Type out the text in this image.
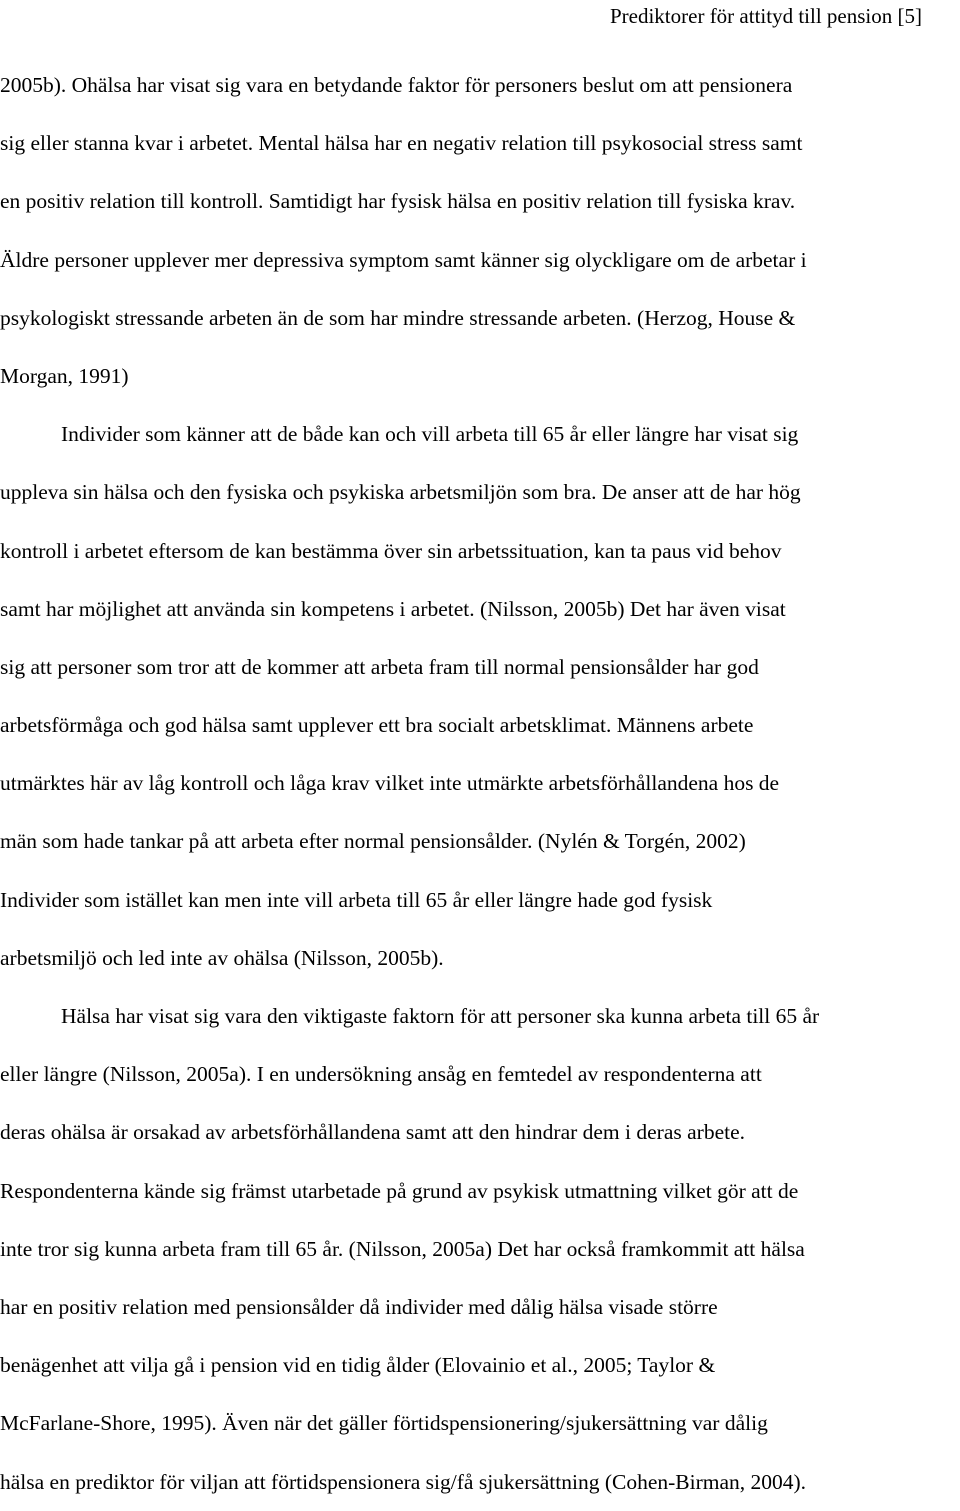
Prediktorer för attityd till pension [5]
2005b). Ohälsa har visat sig vara en betydande faktor för personers beslut om att pensionera
sig eller stanna kvar i arbetet. Mental hälsa har en negativ relation till psykosocial stress samt
en positiv relation till kontroll. Samtidigt har fysisk hälsa en positiv relation till fysiska krav.
Äldre personer upplever mer depressiva symptom samt känner sig olyckligare om de arbetar i
psykologiskt stressande arbeten än de som har mindre stressande arbeten. (Herzog, House &
Morgan, 1991)
Individer som känner att de både kan och vill arbeta till 65 år eller längre har visat sig
uppleva sin hälsa och den fysiska och psykiska arbetsmiljön som bra. De anser att de har hög
kontroll i arbetet eftersom de kan bestämma över sin arbetssituation, kan ta paus vid behov
samt har möjlighet att använda sin kompetens i arbetet. (Nilsson, 2005b) Det har även visat
sig att personer som tror att de kommer att arbeta fram till normal pensionsålder har god
arbetsförmåga och god hälsa samt upplever ett bra socialt arbetsklimat. Männens arbete
utmärktes här av låg kontroll och låga krav vilket inte utmärkte arbetsförhållandena hos de
män som hade tankar på att arbeta efter normal pensionsålder. (Nylén & Torgén, 2002)
Individer som istället kan men inte vill arbeta till 65 år eller längre hade god fysisk
arbetsmiljö och led inte av ohälsa (Nilsson, 2005b).
Hälsa har visat sig vara den viktigaste faktorn för att personer ska kunna arbeta till 65 år
eller längre (Nilsson, 2005a). I en undersökning ansåg en femtedel av respondenterna att
deras ohälsa är orsakad av arbetsförhållandena samt att den hindrar dem i deras arbete.
Respondenterna kände sig främst utarbetade på grund av psykisk utmattning vilket gör att de
inte tror sig kunna arbeta fram till 65 år. (Nilsson, 2005a) Det har också framkommit att hälsa
har en positiv relation med pensionsålder då individer med dålig hälsa visade större
benägenhet att vilja gå i pension vid en tidig ålder (Elovainio et al., 2005; Taylor &
McFarlane-Shore, 1995). Även när det gäller förtidspensionering/sjukersättning var dålig
hälsa en prediktor för viljan att förtidspensionera sig/få sjukersättning (Cohen-Birman, 2004).
